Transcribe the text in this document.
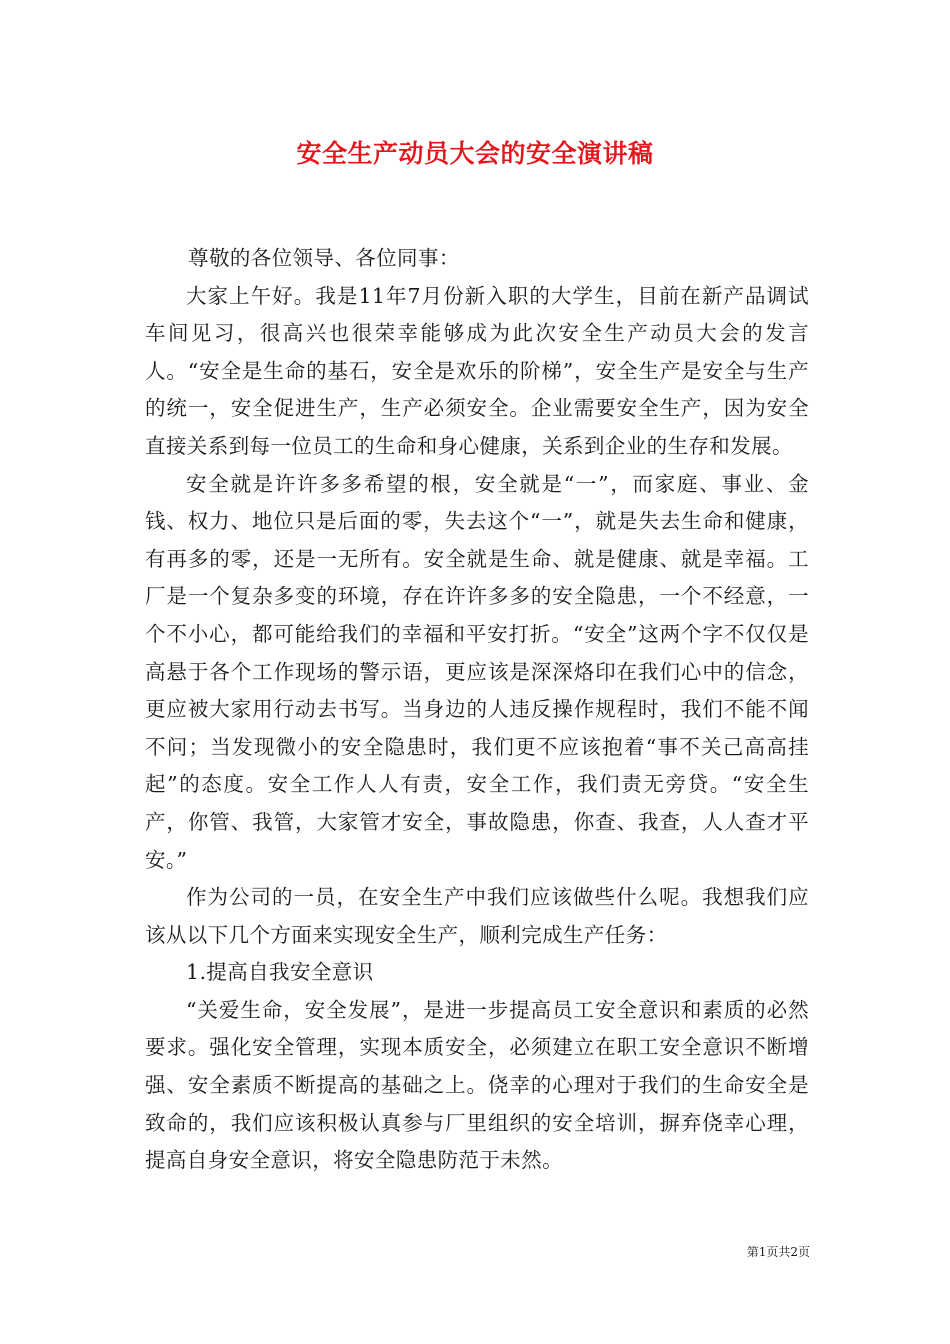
安全生产动员大会的安全演讲稿

尊敬的各位领导、各位同事：

大家上午好。我是11年7月份新入职的大学生，目前在新产品调试车间见习，很高兴也很荣幸能够成为此次安全生产动员大会的发言人。“安全是生命的基石，安全是欢乐的阶梯”，安全生产是安全与生产的统一，安全促进生产，生产必须安全。企业需要安全生产，因为安全直接关系到每一位员工的生命和身心健康，关系到企业的生存和发展。

安全就是许许多多希望的根，安全就是“一”，而家庭、事业、金钱、权力、地位只是后面的零，失去这个“一”，就是失去生命和健康，有再多的零，还是一无所有。安全就是生命、就是健康、就是幸福。工厂是一个复杂多变的环境，存在许许多多的安全隐患，一个不经意，一个不小心，都可能给我们的幸福和平安打折。“安全”这两个字不仅仅是高悬于各个工作现场的警示语，更应该是深深烙印在我们心中的信念，更应被大家用行动去书写。当身边的人违反操作规程时，我们不能不闻不问；当发现微小的安全隐患时，我们更不应该抱着“事不关己高高挂起”的态度。安全工作人人有责，安全工作，我们责无旁贷。“安全生产，你管、我管，大家管才安全，事故隐患，你查、我查，人人查才平安。”

作为公司的一员，在安全生产中我们应该做些什么呢。我想我们应该从以下几个方面来实现安全生产，顺利完成生产任务：

1.提高自我安全意识

“关爱生命，安全发展”，是进一步提高员工安全意识和素质的必然要求。强化安全管理，实现本质安全，必须建立在职工安全意识不断增强、安全素质不断提高的基础之上。侥幸的心理对于我们的生命安全是致命的，我们应该积极认真参与厂里组织的安全培训，摒弃侥幸心理，提高自身安全意识，将安全隐患防范于未然。

第1页共2页
